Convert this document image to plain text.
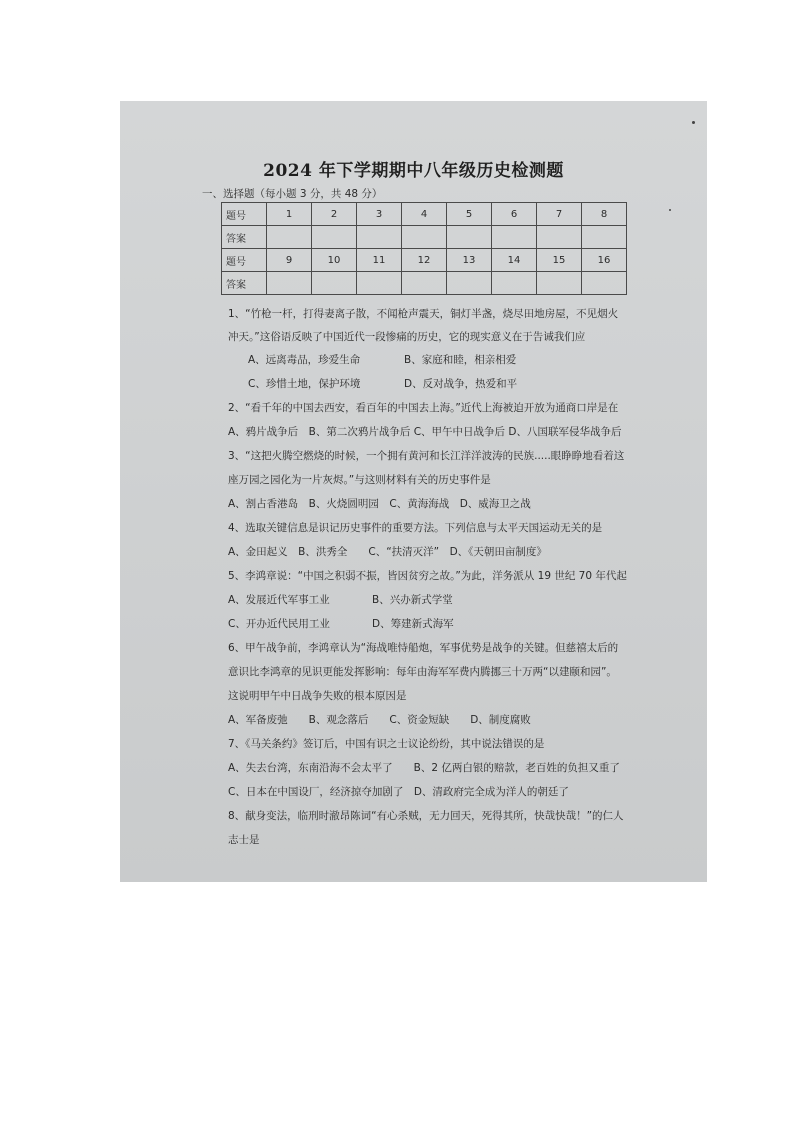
2024 年下学期期中八年级历史检测题
一、选择题（每小题 3 分，共 48 分）
题号	1	2	3	4	5	6	7	8
答案								
题号	9	10	11	12	13	14	15	16
答案								
1、“竹枪一杆，打得妻离子散，不闻枪声震天，铜灯半盏，烧尽田地房屋，不见烟火
冲天。”这俗语反映了中国近代一段惨痛的历史，它的现实意义在于告诫我们应
A、远离毒品，珍爱生命	B、家庭和睦，相亲相爱
C、珍惜土地，保护环境	D、反对战争，热爱和平
2、“看千年的中国去西安，看百年的中国去上海。”近代上海被迫开放为通商口岸是在
A、鸦片战争后　B、第二次鸦片战争后 C、甲午中日战争后 D、八国联军侵华战争后
3、“这把火腾空燃烧的时候，一个拥有黄河和长江洋洋波涛的民族.....眼睁睁地看着这
座万园之园化为一片灰烬。”与这则材料有关的历史事件是
A、割占香港岛　B、火烧圆明园　C、黄海海战　D、威海卫之战
4、选取关键信息是识记历史事件的重要方法。下列信息与太平天国运动无关的是
A、金田起义　B、洪秀全　　C、“扶清灭洋”　D、《天朝田亩制度》
5、李鸿章说：“中国之积弱不振，皆因贫穷之故。”为此，洋务派从 19 世纪 70 年代起
A、发展近代军事工业	B、兴办新式学堂
C、开办近代民用工业	D、筹建新式海军
6、甲午战争前，李鸿章认为“海战唯恃船炮，军事优势是战争的关键。但慈禧太后的
意识比李鸿章的见识更能发挥影响：每年由海军军费内腾挪三十万两“以建颐和园”。
这说明甲午中日战争失败的根本原因是
A、军备废弛　　B、观念落后　　C、资金短缺　　D、制度腐败
7、《马关条约》签订后，中国有识之士议论纷纷，其中说法错误的是
A、失去台湾，东南沿海不会太平了　　B、2 亿两白银的赔款，老百姓的负担又重了
C、日本在中国设厂，经济掠夺加剧了　D、清政府完全成为洋人的朝廷了
8、献身变法，临刑时澈昂陈词“有心杀贼，无力回天，死得其所，快哉快哉！”的仁人
志士是
